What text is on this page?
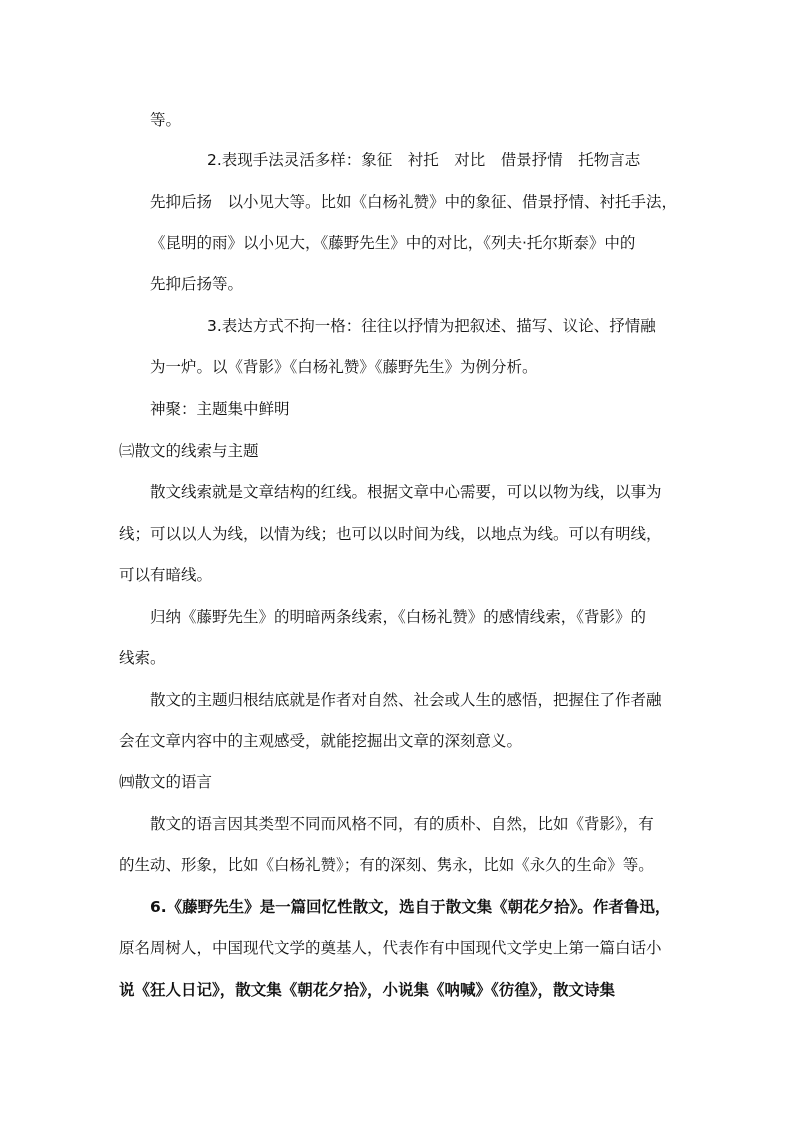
等。
2.表现手法灵活多样：象征　衬托　对比　借景抒情　托物言志
先抑后扬　以小见大等。比如《白杨礼赞》中的象征、借景抒情、衬托手法，
《昆明的雨》以小见大，《藤野先生》中的对比，《列夫·托尔斯泰》中的
先抑后扬等。
3.表达方式不拘一格：往往以抒情为把叙述、描写、议论、抒情融
为一炉。以《背影》《白杨礼赞》《藤野先生》为例分析。
神聚：主题集中鲜明
㈢散文的线索与主题
散文线索就是文章结构的红线。根据文章中心需要，可以以物为线，以事为
线；可以以人为线，以情为线；也可以以时间为线，以地点为线。可以有明线，
可以有暗线。
归纳《藤野先生》的明暗两条线索，《白杨礼赞》的感情线索，《背影》的
线索。
散文的主题归根结底就是作者对自然、社会或人生的感悟，把握住了作者融
会在文章内容中的主观感受，就能挖掘出文章的深刻意义。
㈣散文的语言
散文的语言因其类型不同而风格不同，有的质朴、自然，比如《背影》，有
的生动、形象，比如《白杨礼赞》；有的深刻、隽永，比如《永久的生命》等。
6.《藤野先生》是一篇回忆性散文，选自于散文集《朝花夕拾》。作者鲁迅，
原名周树人，中国现代文学的奠基人，代表作有中国现代文学史上第一篇白话小
说《狂人日记》，散文集《朝花夕拾》，小说集《呐喊》《彷徨》，散文诗集
